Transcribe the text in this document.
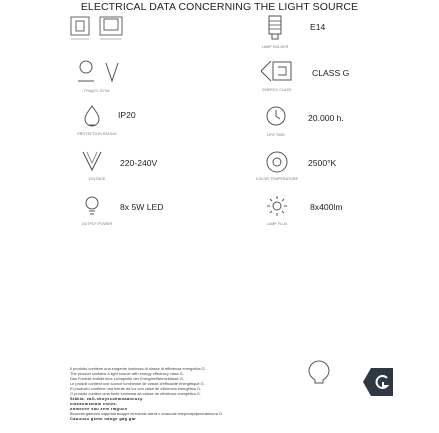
ELECTRICAL DATA CONCERNING THE LIGHT SOURCE
ГРАДУС ЛУЧА
PROTECTION RATING
IP20
VOLTAGE
220-240V
OUTPUT POWER
8x 5W LED
LAMP HOLDER
E14
ENERGY CLASS
CLASS G
LIFE TIME
20.000 h.
COLOR TEMPERATURE
2500°K
LAMP FLUX
8x400lm
Il prodotto contiene una sorgente luminosa di classe di efficienza energetica G.
The product contains a light source with energy efficiency class G.
Das Produkt enthält eine Lichtquelle der Energieeffizienzklasse G.
Le produit contient une source lumineuse de classe d'efficacité énergétique G.
El producto contiene una fuente de luz con clase de eficiencia energética G.
O produto contém uma fonte luminosa da classe de eficiência energética G.
Stäkla. zalt-nkoyxcokmoaancozy.
zraeaumsmam cnnzs.
onmecee sau zem rmgucn
Всостав данного изделия входит источник света с классом энергоэффективности G.
Cauuusu gemn nange gag gar
